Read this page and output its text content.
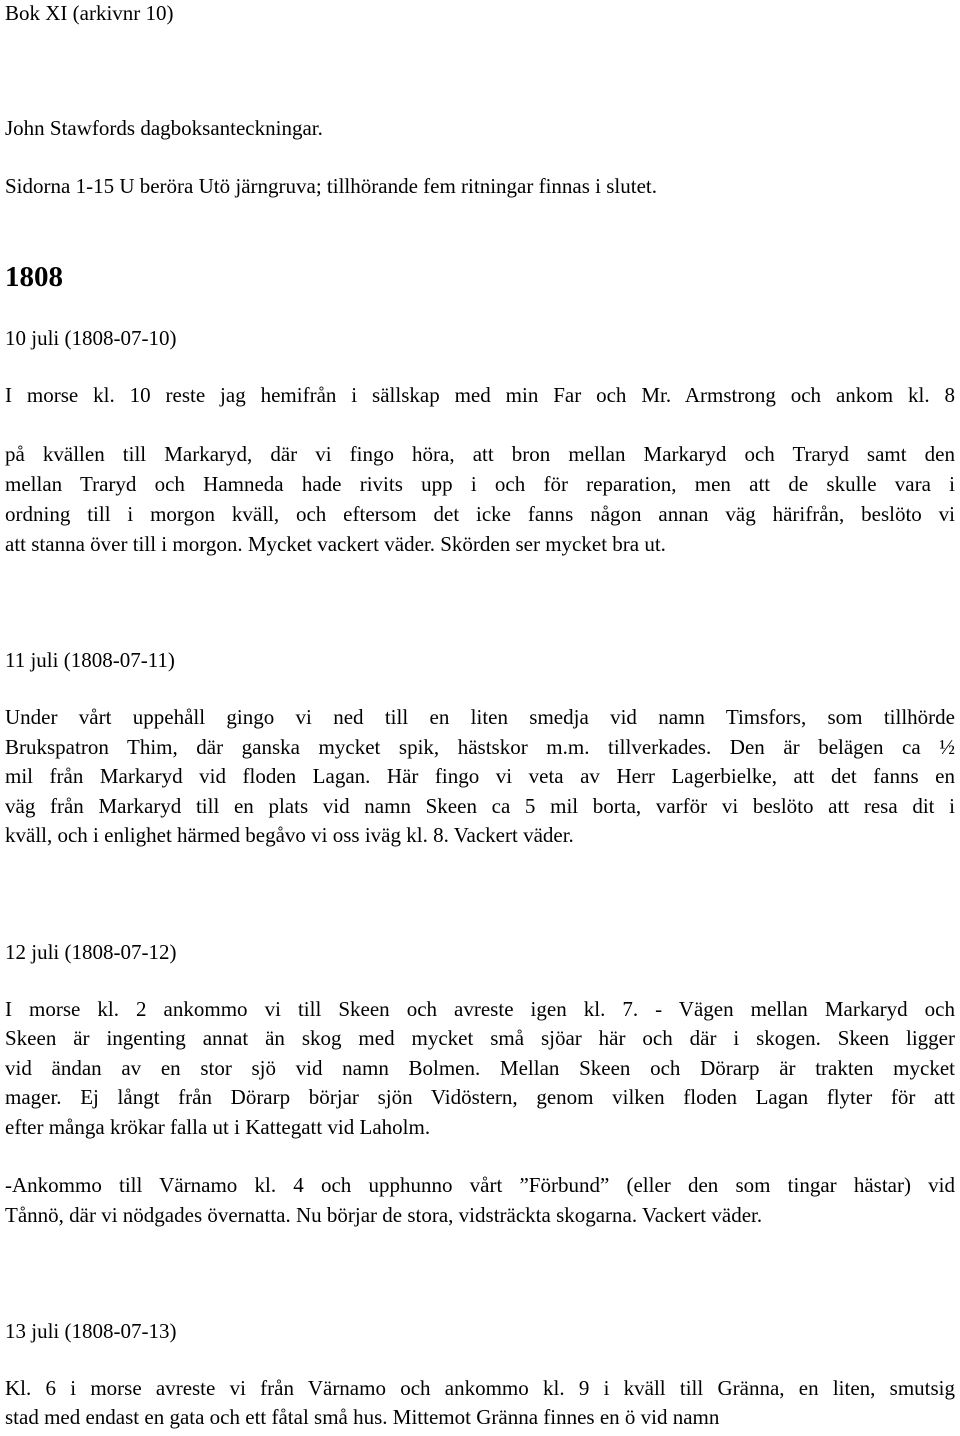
Bok XI (arkivnr 10)
John Stawfords dagboksanteckningar.
Sidorna 1-15 U beröra Utö järngruva; tillhörande fem ritningar finnas i slutet.
1808
10 juli (1808-07-10)
I morse kl. 10 reste jag hemifrån i sällskap med min Far och Mr. Armstrong och ankom kl. 8
på kvällen till Markaryd, där vi fingo höra, att bron mellan Markaryd och Traryd samt den
mellan Traryd och Hamneda hade rivits upp i och för reparation, men att de skulle vara i
ordning till i morgon kväll, och eftersom det icke fanns någon annan väg härifrån, beslöto vi
att stanna över till i morgon. Mycket vackert väder. Skörden ser mycket bra ut.
11 juli (1808-07-11)
Under vårt uppehåll gingo vi ned till en liten smedja vid namn Timsfors, som tillhörde
Brukspatron Thim, där ganska mycket spik, hästskor m.m. tillverkades. Den är belägen ca ½
mil från Markaryd vid floden Lagan. Här fingo vi veta av Herr Lagerbielke, att det fanns en
väg från Markaryd till en plats vid namn Skeen ca 5 mil borta, varför vi beslöto att resa dit i
kväll, och i enlighet härmed begåvo vi oss iväg kl. 8. Vackert väder.
12 juli (1808-07-12)
I morse kl. 2 ankommo vi till Skeen och avreste igen kl. 7. - Vägen mellan Markaryd och
Skeen är ingenting annat än skog med mycket små sjöar här och där i skogen. Skeen ligger
vid ändan av en stor sjö vid namn Bolmen. Mellan Skeen och Dörarp är trakten mycket
mager. Ej långt från Dörarp börjar sjön Vidöstern, genom vilken floden Lagan flyter för att
efter många krökar falla ut i Kattegatt vid Laholm.
-Ankommo till Värnamo kl. 4 och upphunno vårt ”Förbund” (eller den som tingar hästar) vid
Tånnö, där vi nödgades övernatta. Nu börjar de stora, vidsträckta skogarna. Vackert väder.
13 juli (1808-07-13)
Kl. 6 i morse avreste vi från Värnamo och ankommo kl. 9 i kväll till Gränna, en liten, smutsig
stad med endast en gata och ett fåtal små hus. Mittemot Gränna finnes en ö vid namn
